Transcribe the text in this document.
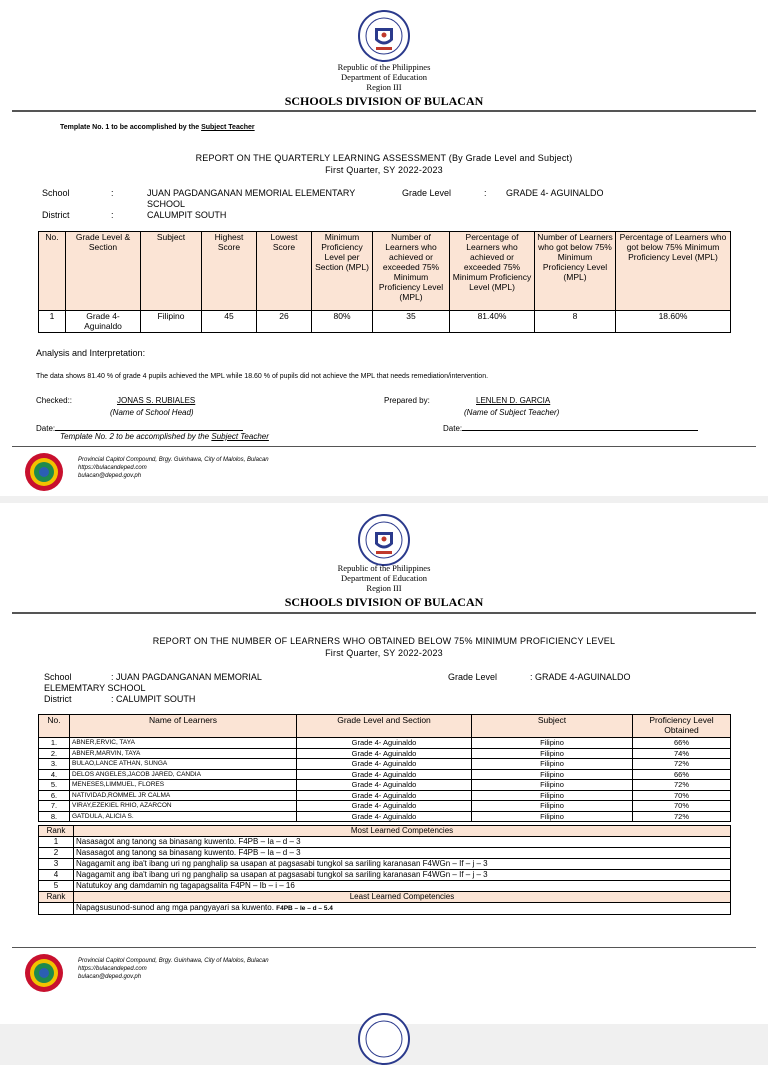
Republic of the Philippines
Department of Education
Region III
SCHOOLS DIVISION OF BULACAN
Template No. 1 to be accomplished by the Subject Teacher
REPORT ON THE QUARTERLY LEARNING ASSESSMENT (By Grade Level and Subject)
First Quarter, SY 2022-2023
School	:	JUAN PAGDANGANAN MEMORIAL ELEMENTARY
SCHOOL
Grade Level	: GRADE 4- AGUINALDO
District	:	CALUMPIT SOUTH
No.	Grade Level & Section	Subject	Highest Score	Lowest Score	Minimum Proficiency Level per Section (MPL)	Number of Learners who achieved or exceeded 75% Minimum Proficiency Level (MPL)	Percentage of Learners who achieved or exceeded 75% Minimum Proficiency Level (MPL)	Number of Learners who got below 75% Minimum Proficiency Level (MPL)	Percentage of Learners who got below 75% Minimum Proficiency Level (MPL)
1	Grade 4-Aguinaldo	Filipino	45	26	80%	35	81.40%	8	18.60%
Analysis and Interpretation:
The data shows 81.40 % of grade 4 pupils achieved the MPL while 18.60 % of pupils did not achieve the MPL that needs remediation/intervention.
Checked::	JONAS S. RUBIALES
(Name of School Head)
Prepared by:	LENLEN D. GARCIA
(Name of Subject Teacher)
Date:	Date:
Template No. 2 to be accomplished by the Subject Teacher
Provincial Capitol Compound, Brgy. Guinhawa, City of Malolos, Bulacan
https://bulacandeped.com
bulacan@deped.gov.ph
Republic of the Philippines
Department of Education
Region III
SCHOOLS DIVISION OF BULACAN
REPORT ON THE NUMBER OF LEARNERS WHO OBTAINED BELOW 75% MINIMUM PROFICIENCY LEVEL
First Quarter, SY 2022-2023
School	: JUAN PAGDANGANAN MEMORIAL
ELEMEMTARY SCHOOL
Grade Level	: GRADE 4-AGUINALDO
District	: CALUMPIT SOUTH
No.	Name of Learners	Grade Level and Section	Subject	Proficiency Level Obtained
1.	ABNER,ERVIC, TAYA	Grade 4- Aguinaldo	Filipino	66%
2.	ABNER,MARVIN, TAYA	Grade 4- Aguinaldo	Filipino	74%
3.	BULAO,LANCE ATHAN, SUNGA	Grade 4- Aguinaldo	Filipino	72%
4.	DELOS ANGELES,JACOB JARED, CANDIA	Grade 4- Aguinaldo	Filipino	66%
5.	MENESES,LIMMUEL, FLORES	Grade 4- Aguinaldo	Filipino	72%
6.	NATIVIDAD,ROMMEL JR CALMA	Grade 4- Aguinaldo	Filipino	70%
7.	VIRAY,EZEKIEL RHIO, AZARCON	Grade 4- Aguinaldo	Filipino	70%
8.	GATDULA, ALICIA S.	Grade 4- Aguinaldo	Filipino	72%
Rank	Most Learned Competencies
1	Nasasagot ang tanong sa binasang kuwento. F4PB – Ia – d – 3
2	Nasasagot ang tanong sa binasang kuwento. F4PB – Ia – d – 3
3	Nagagamit ang iba't ibang uri ng panghalip sa usapan at pagsasabi tungkol sa sariling karanasan F4WGn – If – j – 3
4	Nagagamit ang iba't ibang uri ng panghalip sa usapan at pagsasabi tungkol sa sariling karanasan F4WGn – If – j – 3
5	Natutukoy ang damdamin ng tagapagsalita F4PN – Ib – i – 16
Rank	Least Learned Competencies
	Napagsusunod-sunod ang mga pangyayari sa kuwento. F4PB – Ie – d – 5.4
Provincial Capitol Compound, Brgy. Guinhawa, City of Malolos, Bulacan
https://bulacandeped.com
bulacan@deped.gov.ph
